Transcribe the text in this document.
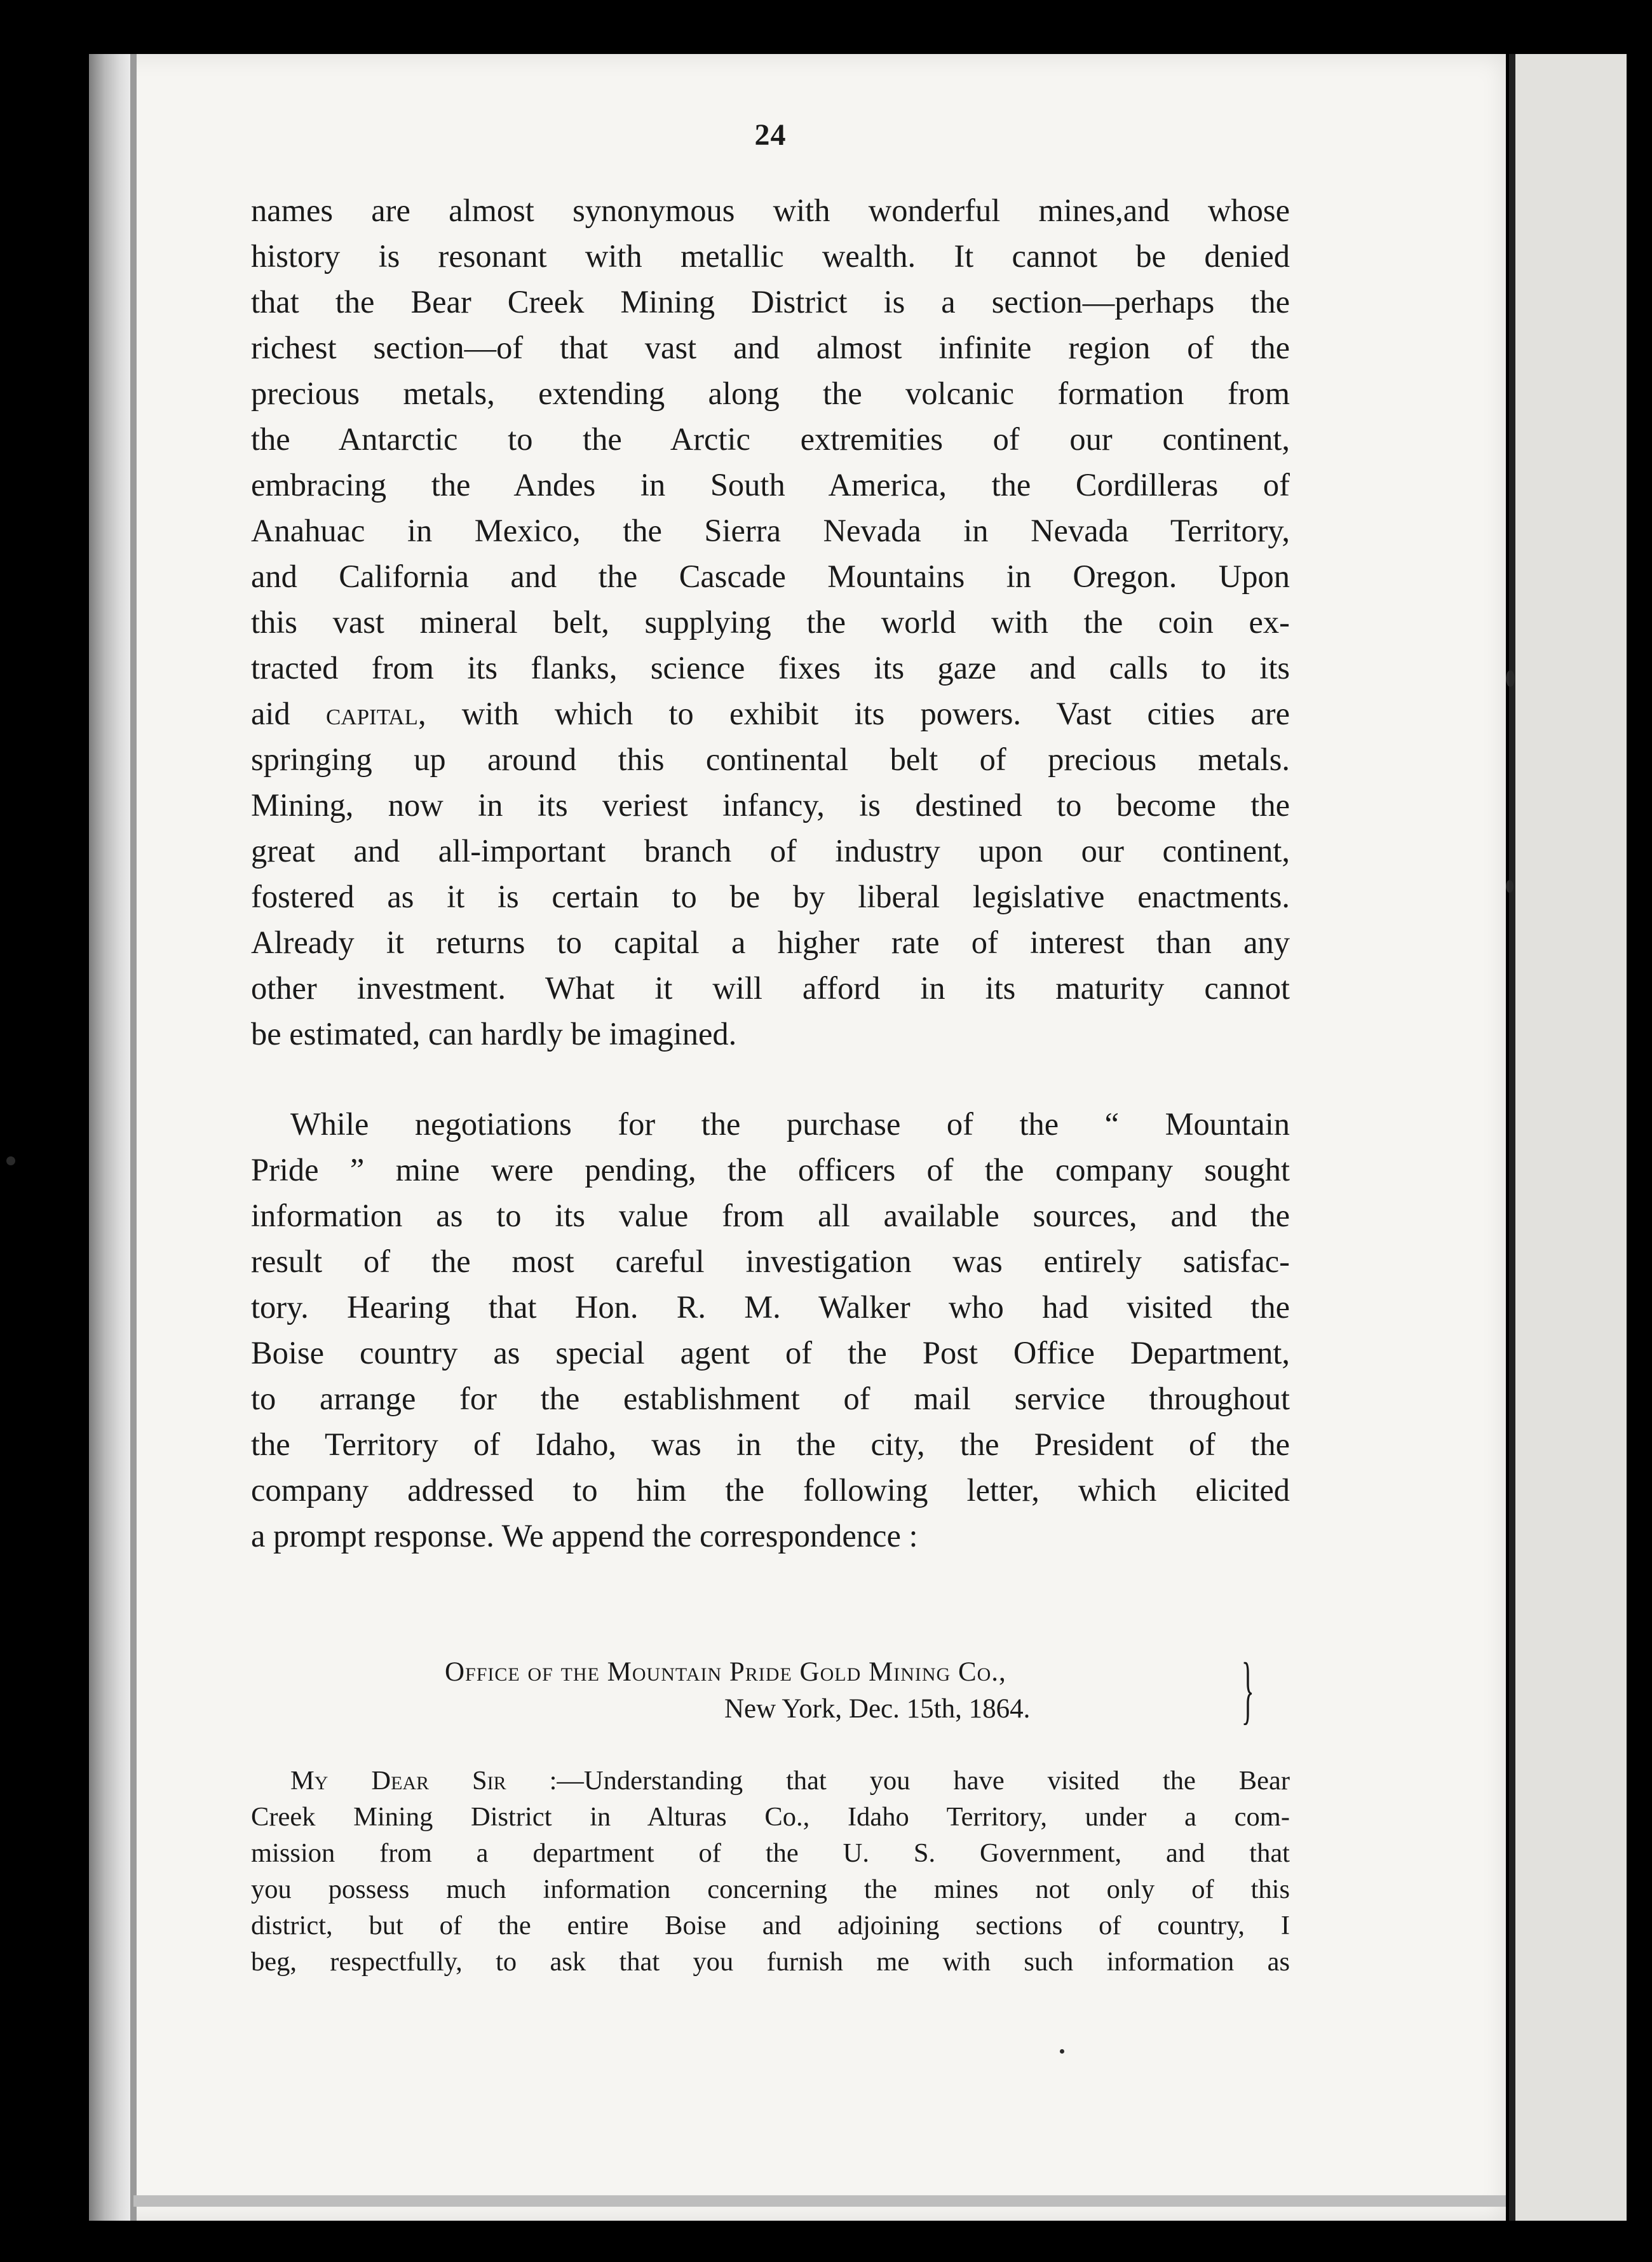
24
names are almost synonymous with wonderful mines,and whose
history is resonant with metallic wealth. It cannot be denied
that the Bear Creek Mining District is a section—perhaps the
richest section—of that vast and almost infinite region of the
precious metals, extending along the volcanic formation from
the Antarctic to the Arctic extremities of our continent,
embracing the Andes in South America, the Cordilleras of
Anahuac in Mexico, the Sierra Nevada in Nevada Territory,
and California and the Cascade Mountains in Oregon. Upon
this vast mineral belt, supplying the world with the coin ex-
tracted from its flanks, science fixes its gaze and calls to its
aid capital, with which to exhibit its powers. Vast cities are
springing up around this continental belt of precious metals.
Mining, now in its veriest infancy, is destined to become the
great and all-important branch of industry upon our continent,
fostered as it is certain to be by liberal legislative enactments.
Already it returns to capital a higher rate of interest than any
other investment. What it will afford in its maturity cannot
be estimated, can hardly be imagined.
While negotiations for the purchase of the “ Mountain
Pride ” mine were pending, the officers of the company sought
information as to its value from all available sources, and the
result of the most careful investigation was entirely satisfac-
tory. Hearing that Hon. R. M. Walker who had visited the
Boise country as special agent of the Post Office Department,
to arrange for the establishment of mail service throughout
the Territory of Idaho, was in the city, the President of the
company addressed to him the following letter, which elicited
a prompt response. We append the correspondence :
Office of the Mountain Pride Gold Mining Co.,
New York, Dec. 15th, 1864.	}
My Dear Sir :—Understanding that you have visited the Bear
Creek Mining District in Alturas Co., Idaho Territory, under a com-
mission from a department of the U. S. Government, and that
you possess much information concerning the mines not only of this
district, but of the entire Boise and adjoining sections of country, I
beg, respectfully, to ask that you furnish me with such information as
